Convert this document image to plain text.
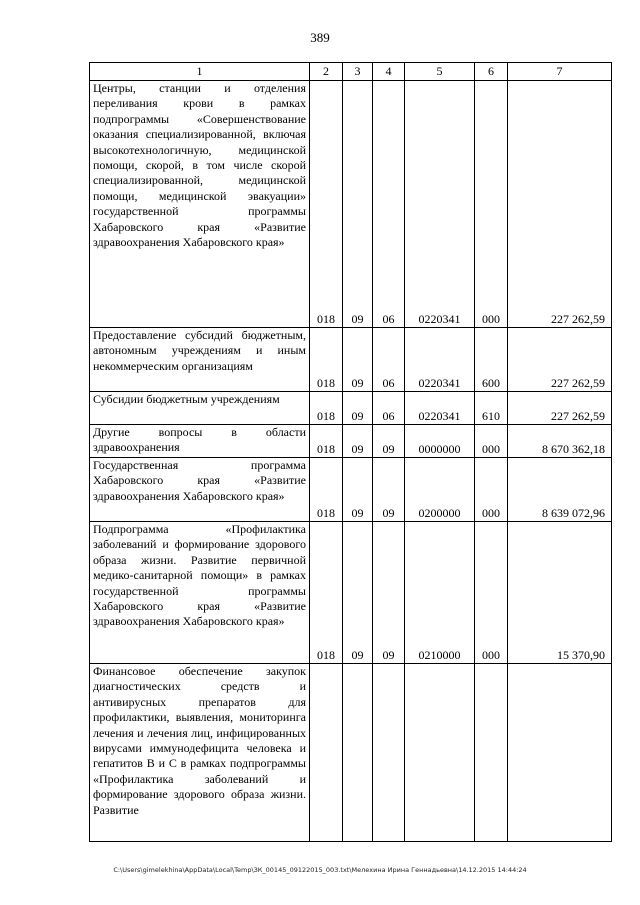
389
1	2	3	4	5	6	7
Центры, станции и отделения переливания крови в рамках подпрограммы «Совершенствование оказания специализированной, включая высокотехнологичную, медицинской помощи, скорой, в том числе скорой специализированной, медицинской помощи, медицинской эвакуации» государственной программы Хабаровского края «Развитие здравоохранения Хабаровского края»	018	09	06	0220341	000	227 262,59
Предоставление субсидий бюджетным, автономным учреждениям и иным некоммерческим организациям	018	09	06	0220341	600	227 262,59
Субсидии бюджетным учреждениям	018	09	06	0220341	610	227 262,59
Другие вопросы в области здравоохранения	018	09	09	0000000	000	8 670 362,18
Государственная программа Хабаровского края «Развитие здравоохранения Хабаровского края»	018	09	09	0200000	000	8 639 072,96
Подпрограмма «Профилактика заболеваний и формирование здорового образа жизни. Развитие первичной медико-санитарной помощи» в рамках государственной программы Хабаровского края «Развитие здравоохранения Хабаровского края»	018	09	09	0210000	000	15 370,90
Финансовое обеспечение закупок диагностических средств и антивирусных препаратов для профилактики, выявления, мониторинга лечения и лечения лиц, инфицированных вирусами иммунодефицита человека и гепатитов B и C в рамках подпрограммы «Профилактика заболеваний и формирование здорового образа жизни. Развитие						
C:\Users\gimelekhina\AppData\Local\Temp\ЗК_00145_09122015_003.txt\Мелехина Ирина Геннадьевна\14.12.2015 14:44:24
